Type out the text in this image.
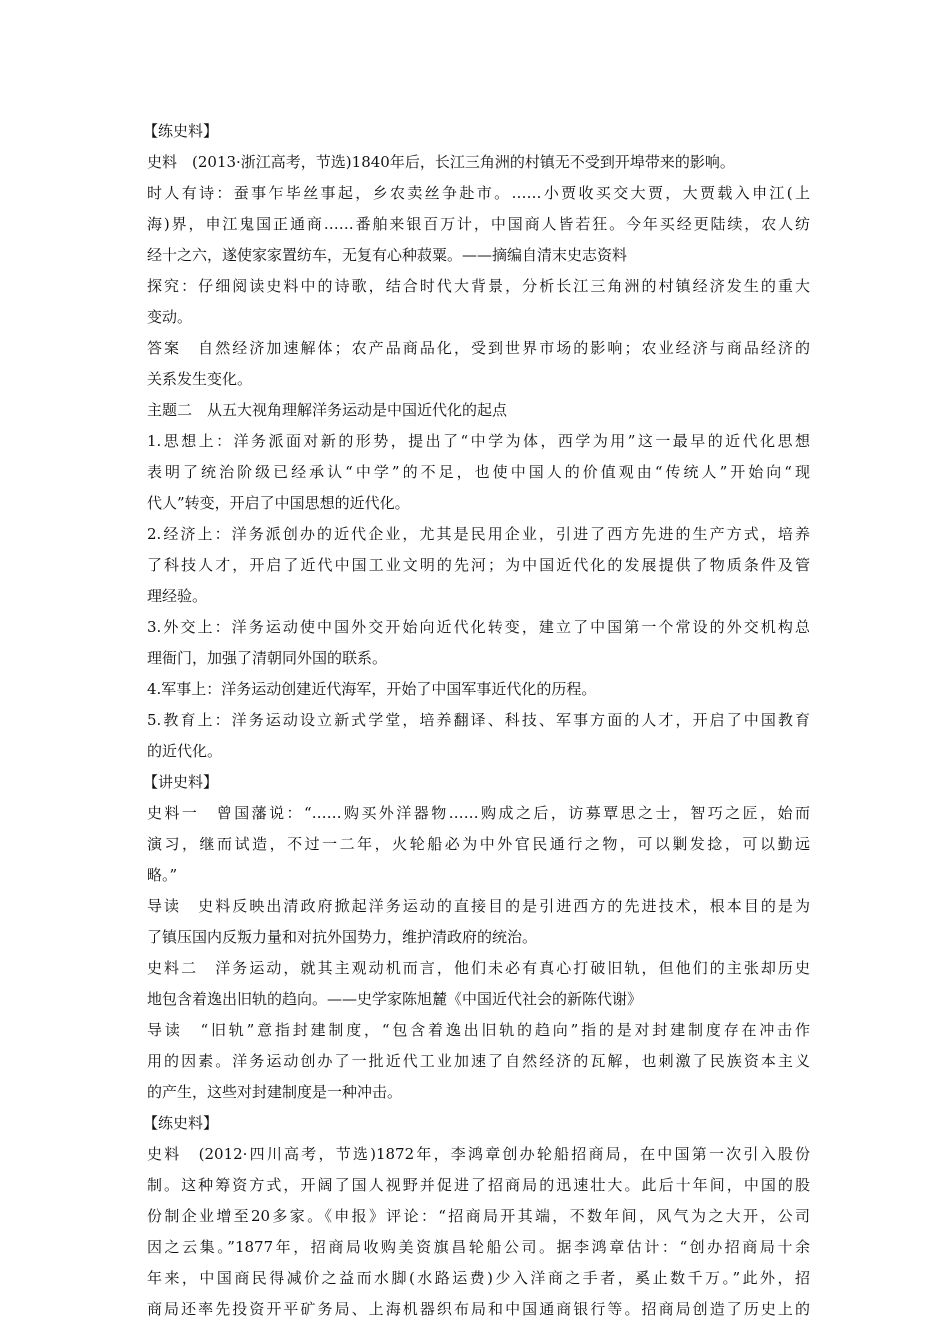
【练史料】
史料　(2013·浙江高考，节选)1840年后，长江三角洲的村镇无不受到开埠带来的影响。
时人有诗：蚕事乍毕丝事起，乡农卖丝争赴市。……小贾收买交大贾，大贾载入申江(上
海)界，申江鬼国正通商……番舶来银百万计，中国商人皆若狂。今年买经更陆续，农人纺
经十之六，遂使家家置纺车，无复有心种菽粟。——摘编自清末史志资料
探究：仔细阅读史料中的诗歌，结合时代大背景，分析长江三角洲的村镇经济发生的重大
变动。
答案　自然经济加速解体；农产品商品化，受到世界市场的影响；农业经济与商品经济的
关系发生变化。
主题二　从五大视角理解洋务运动是中国近代化的起点
1.思想上：洋务派面对新的形势，提出了“中学为体，西学为用”这一最早的近代化思想
表明了统治阶级已经承认“中学”的不足，也使中国人的价值观由“传统人”开始向“现
代人”转变，开启了中国思想的近代化。
2.经济上：洋务派创办的近代企业，尤其是民用企业，引进了西方先进的生产方式，培养
了科技人才，开启了近代中国工业文明的先河；为中国近代化的发展提供了物质条件及管
理经验。
3.外交上：洋务运动使中国外交开始向近代化转变，建立了中国第一个常设的外交机构总
理衙门，加强了清朝同外国的联系。
4.军事上：洋务运动创建近代海军，开始了中国军事近代化的历程。
5.教育上：洋务运动设立新式学堂，培养翻译、科技、军事方面的人才，开启了中国教育
的近代化。
【讲史料】
史料一　曾国藩说：“……购买外洋器物……购成之后，访募覃思之士，智巧之匠，始而
演习，继而试造，不过一二年，火轮船必为中外官民通行之物，可以剿发捻，可以勤远
略。”
导读　史料反映出清政府掀起洋务运动的直接目的是引进西方的先进技术，根本目的是为
了镇压国内反叛力量和对抗外国势力，维护清政府的统治。
史料二　洋务运动，就其主观动机而言，他们未必有真心打破旧轨，但他们的主张却历史
地包含着逸出旧轨的趋向。——史学家陈旭麓《中国近代社会的新陈代谢》
导读　“旧轨”意指封建制度，“包含着逸出旧轨的趋向”指的是对封建制度存在冲击作
用的因素。洋务运动创办了一批近代工业加速了自然经济的瓦解，也刺激了民族资本主义
的产生，这些对封建制度是一种冲击。
【练史料】
史料　(2012·四川高考，节选)1872年，李鸿章创办轮船招商局，在中国第一次引入股份
制。这种筹资方式，开阔了国人视野并促进了招商局的迅速壮大。此后十年间，中国的股
份制企业增至20多家。《申报》评论：“招商局开其端，不数年间，风气为之大开，公司
因之云集。”1877年，招商局收购美资旗昌轮船公司。据李鸿章估计：“创办招商局十余
年来，中国商民得减价之益而水脚(水路运费)少入洋商之手者，奚止数千万。”此外，招
商局还率先投资开平矿务局、上海机器织布局和中国通商银行等。招商局创造了历史上的
